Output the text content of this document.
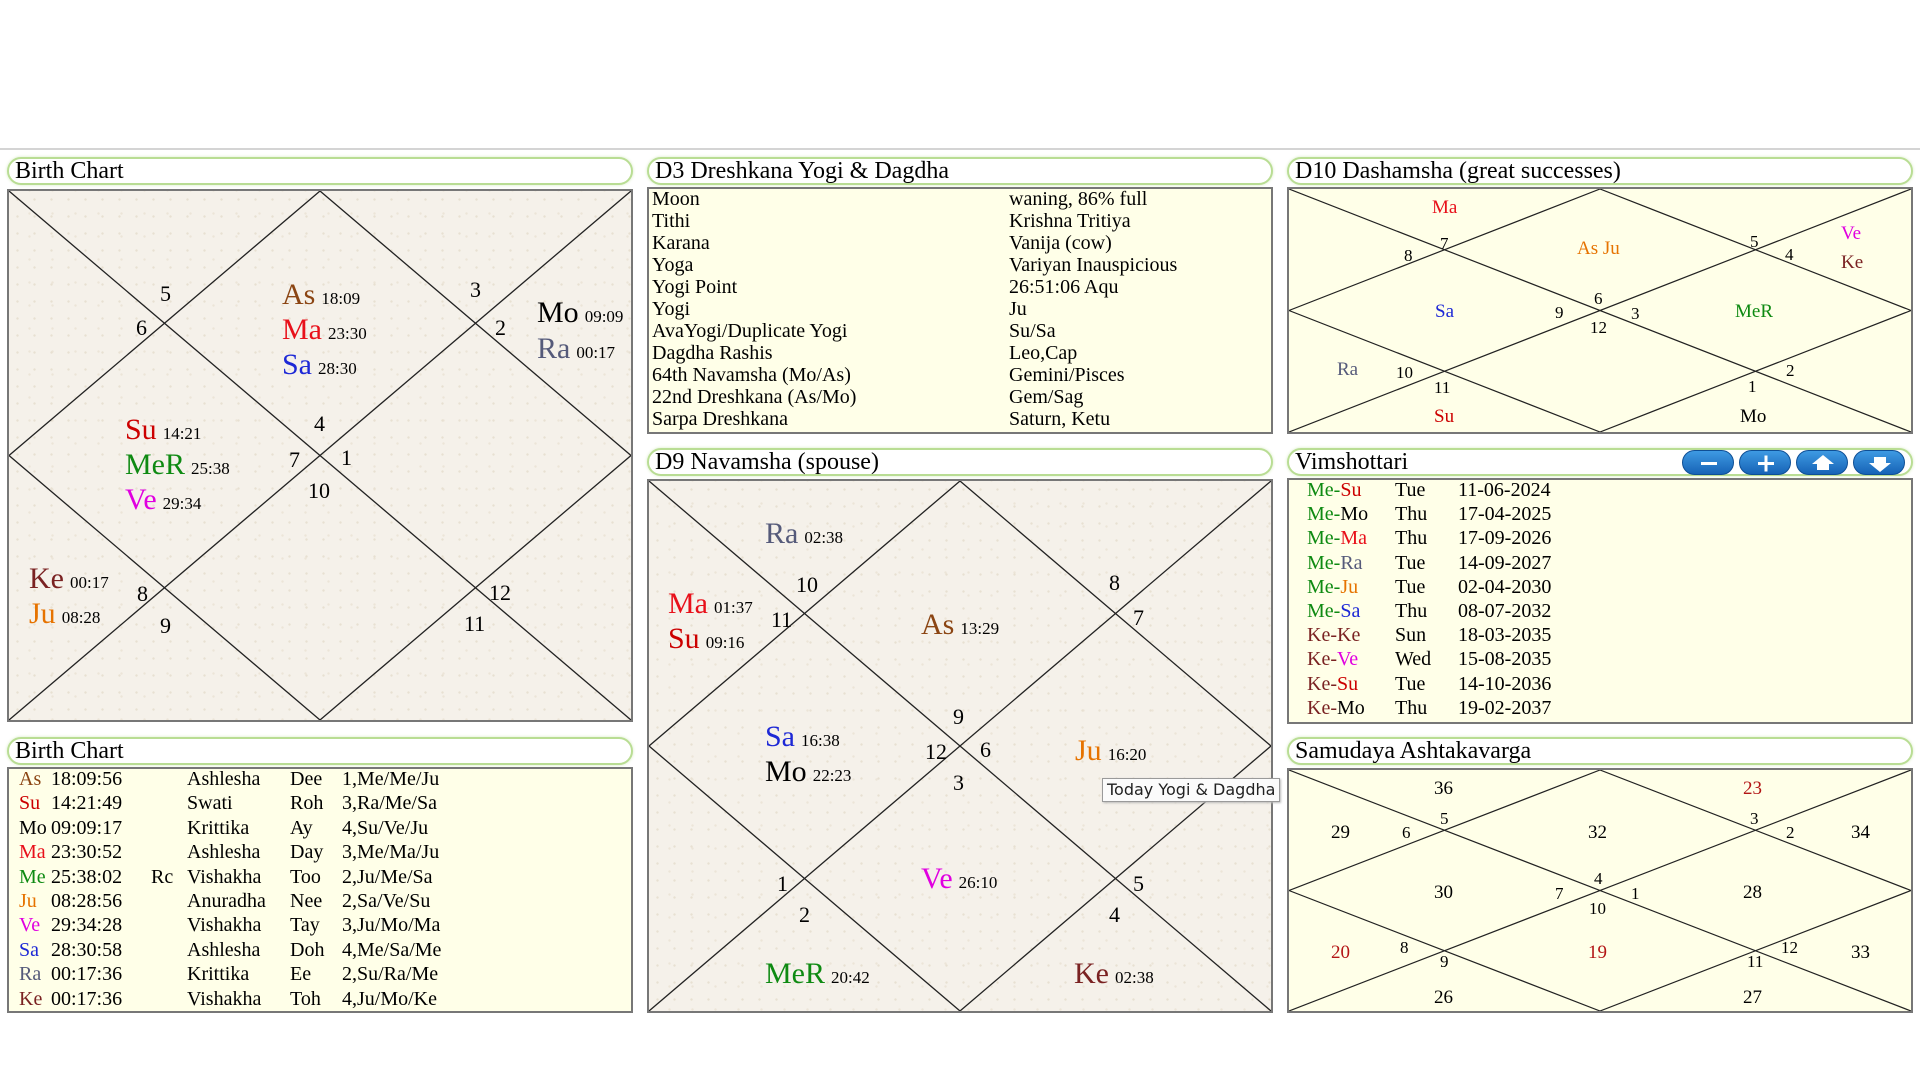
Birth Chart
5
6
3
2
4
7 1
10
8
9
12
11
As 18:09
Ma 23:30
Sa 28:30
Mo 09:09
Ra 00:17
Su 14:21
MeR 25:38
Ve 29:34
Ke 00:17
Ju 08:28
Birth Chart
As 18:09:56	Ashlesha Dee 1,Me/Me/Ju
Su 14:21:49	Swati	Roh 3,Ra/Me/Sa
Mo 09:09:17	Krittika Ay 4,Su/Ve/Ju
Ma 23:30:52	Ashlesha Day 3,Me/Ma/Ju
Me 25:38:02 Rc Vishakha Too 2,Ju/Me/Sa
Ju 08:28:56	Anuradha Nee 2,Sa/Ve/Su
Ve 29:34:28	Vishakha Tay 3,Ju/Mo/Ma
Sa 28:30:58	Ashlesha Doh 4,Me/Sa/Me
Ra 00:17:36	Krittika Ee 2,Su/Ra/Me
Ke 00:17:36	Vishakha Toh 4,Ju/Mo/Ke
D3 Dreshkana Yogi & Dagdha
Moon	waning, 86% full
Tithi	Krishna Tritiya
Karana	Vanija (cow)
Yoga	Variyan Inauspicious
Yogi Point	26:51:06 Aqu
Yogi	Ju
AvaYogi/Duplicate Yogi	Su/Sa
Dagdha Rashis	Leo,Cap
64th Navamsha (Mo/As)	Gemini/Pisces
22nd Dreshkana (As/Mo)	Gem/Sag
Sarpa Dreshkana	Saturn, Ketu
D9 Navamsha (spouse)
10
11
8
7
9
12 6
3
1
2
5
4
Ra 02:38
Ma 01:37
Su 09:16
As 13:29
Sa 16:38
Mo 22:23
Ju 16:20
Ve 26:10
MeR 20:42	Ke 02:38
D10 Dashamsha (great successes)
7
8
5
4
6
9	3
12
10
11
2
1
Ma
As Ju
Ve
Ke
Sa	MeR
Ra
Su	Mo
Vimshottari
Me-Su Tue 11-06-2024
Me-Mo Thu 17-04-2025
Me-Ma Thu 17-09-2026
Me-Ra Tue 14-09-2027
Me-Ju Tue 02-04-2030
Me-Sa Thu 08-07-2032
Ke-Ke Sun 18-03-2035
Ke-Ve Wed 15-08-2035
Ke-Su Tue 14-10-2036
Ke-Mo Thu 19-02-2037
Samudaya Ashtakavarga
5
6
3
2
4
7	1
10
9
8	12
11
36	23
29	32	34
30	28
20	19	33
26	27
Today Yogi & Dagdha
